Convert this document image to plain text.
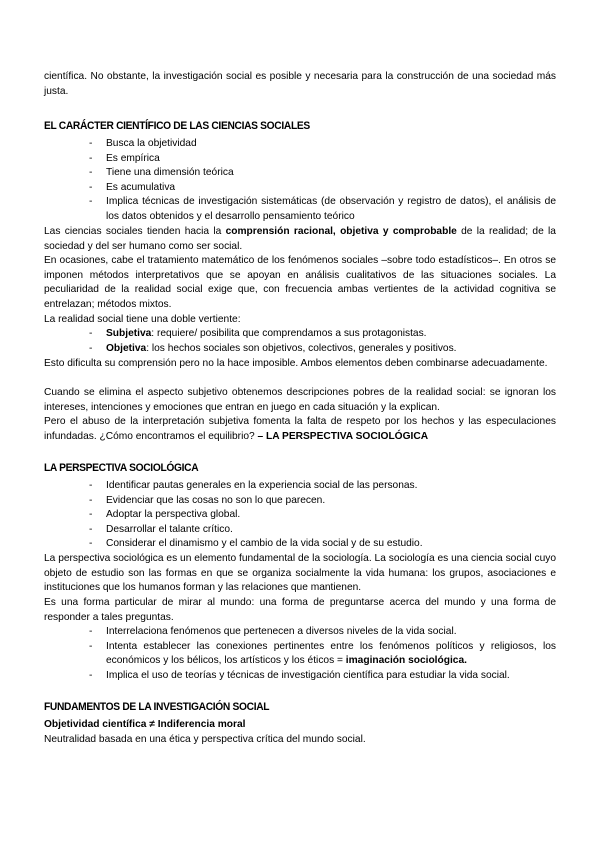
científica. No obstante, la investigación social es posible y necesaria para la construcción de una sociedad más justa.

EL CARÁCTER CIENTÍFICO DE LAS CIENCIAS SOCIALES
- Busca la objetividad
- Es empírica
- Tiene una dimensión teórica
- Es acumulativa
- Implica técnicas de investigación sistemáticas (de observación y registro de datos), el análisis de los datos obtenidos y el desarrollo pensamiento teórico

Las ciencias sociales tienden hacia la comprensión racional, objetiva y comprobable de la realidad; de la sociedad y del ser humano como ser social.

En ocasiones, cabe el tratamiento matemático de los fenómenos sociales –sobre todo estadísticos–. En otros se imponen métodos interpretativos que se apoyan en análisis cualitativos de las situaciones sociales. La peculiaridad de la realidad social exige que, con frecuencia ambas vertientes de la actividad cognitiva se entrelazan; métodos mixtos.

La realidad social tiene una doble vertiente:

- Subjetiva: requiere/ posibilita que comprendamos a sus protagonistas.
- Objetiva: los hechos sociales son objetivos, colectivos, generales y positivos.

Esto dificulta su comprensión pero no la hace imposible. Ambos elementos deben combinarse adecuadamente.

Cuando se elimina el aspecto subjetivo obtenemos descripciones pobres de la realidad social: se ignoran los intereses, intenciones y emociones que entran en juego en cada situación y la explican.

Pero el abuso de la interpretación subjetiva fomenta la falta de respeto por los hechos y las especulaciones infundadas. ¿Cómo encontramos el equilibrio? – LA PERSPECTIVA SOCIOLÓGICA

LA PERSPECTIVA SOCIOLÓGICA
- Identificar pautas generales en la experiencia social de las personas.
- Evidenciar que las cosas no son lo que parecen.
- Adoptar la perspectiva global.
- Desarrollar el talante crítico.
- Considerar el dinamismo y el cambio de la vida social y de su estudio.

La perspectiva sociológica es un elemento fundamental de la sociología. La sociología es una ciencia social cuyo objeto de estudio son las formas en que se organiza socialmente la vida humana: los grupos, asociaciones e instituciones que los humanos forman y las relaciones que mantienen.

Es una forma particular de mirar al mundo: una forma de preguntarse acerca del mundo y una forma de responder a tales preguntas.

- Interrelaciona fenómenos que pertenecen a diversos niveles de la vida social.
- Intenta establecer las conexiones pertinentes entre los fenómenos políticos y religiosos, los económicos y los bélicos, los artísticos y los éticos = imaginación sociológica.
- Implica el uso de teorías y técnicas de investigación científica para estudiar la vida social.
FUNDAMENTOS DE LA INVESTIGACIÓN SOCIAL

Objetividad científica ≠ Indiferencia moral

Neutralidad basada en una ética y perspectiva crítica del mundo social.
